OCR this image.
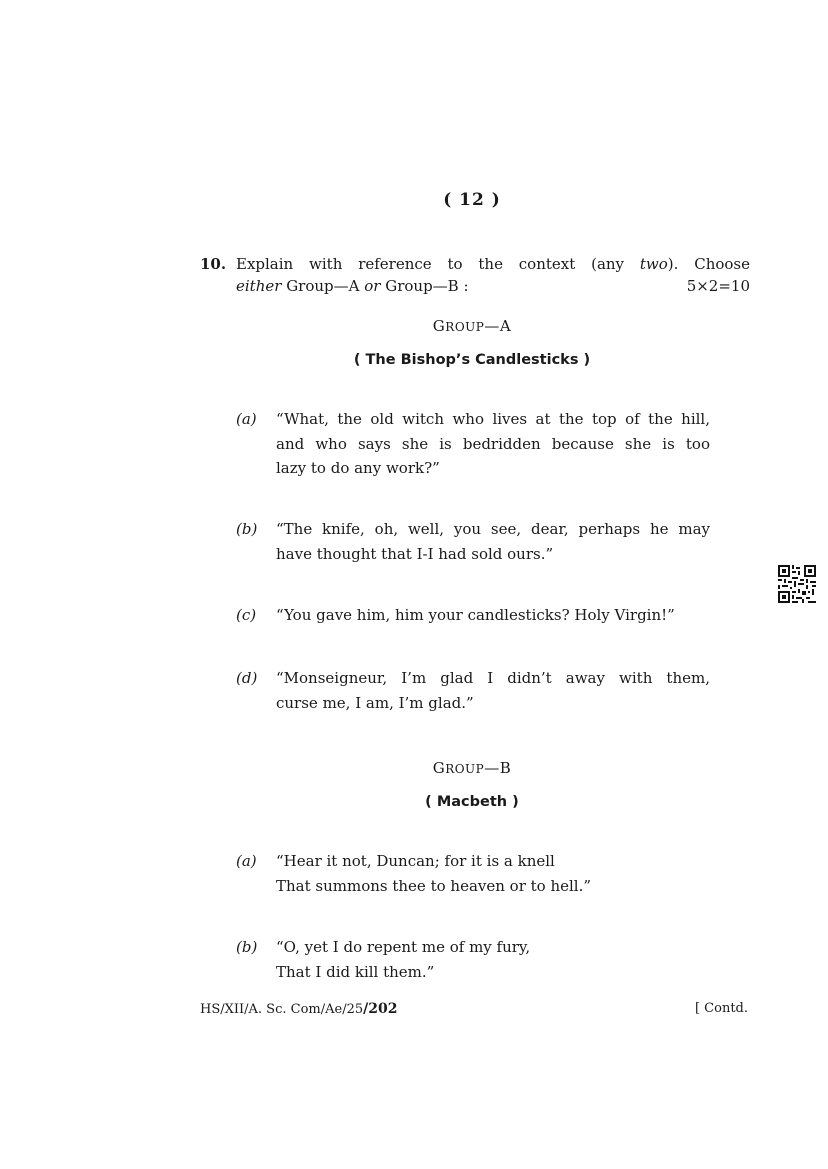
( 12 )
10. Explain with reference to the context (any two). Choose
either Group—A or Group—B :	5×2=10
GROUP—A
( The Bishop’s Candlesticks )
(a) “What, the old witch who lives at the top of the hill,
and who says she is bedridden because she is too
lazy to do any work?”
(b) “The knife, oh, well, you see, dear, perhaps he may
have thought that I-I had sold ours.”
(c) “You gave him, him your candlesticks? Holy Virgin!”
(d) “Monseigneur, I’m glad I didn’t away with them,
curse me, I am, I’m glad.”
GROUP—B
( Macbeth )
(a) “Hear it not, Duncan; for it is a knell
That summons thee to heaven or to hell.”
(b) “O, yet I do repent me of my fury,
That I did kill them.”
HS/XII/A. Sc. Com/Ae/25/202	[ Contd.
